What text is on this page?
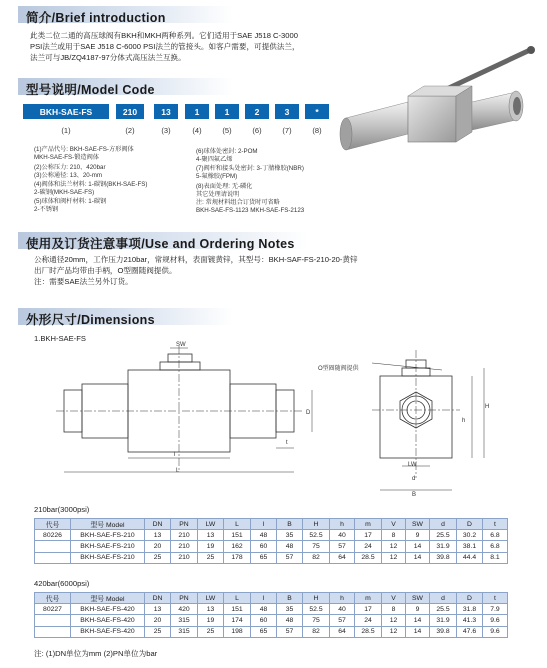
简介/Brief introduction
此类二位二通的高压球阀有BKH和MKH两种系列。它们适用于SAE J518 C-3000
PSI法兰或用于SAE J518 C-6000 PSI法兰的管接头。如客户需要，可提供法兰，
法兰可与JB/ZQ4187-97分体式高压法兰互换。
型号说明/Model Code
BKH-SAE-FS	210	13	1	1	2	3	*
(1)	(2)	(3)	(4)	(5)	(6)	(7)	(8)
(1)产品代号: BKH-SAE-FS-方形阀体
MKH-SAE-FS-锻造阀体
(2)公称压力: 210、420bar
(3)公称通径: 13、20-mm
(4)阀体和法兰材料: 1-碳钢(BKH-SAE-FS)
2-碳钢(MKH-SAE-FS)
(5)球体和阀杆材料: 1-碳钢
2-不锈钢
(6)球体处密封: 2-POM
4-聚四氟乙烯
(7)阀杆和接头处密封: 3-丁腈橡胶(NBR)
5-氟橡胶(FPM)
(8)表面处理: 无-磷化
其它处理请说明
注: 常规材料组合订货时可省略
BKH-SAE-FS-1123 MKH-SAE-FS-2123
使用及订货注意事项/Use and Ordering Notes
公称通径20mm，工作压力210bar，常规材料，表面镀黄锌，其型号：BKH-SAF-FS-210-20-黄锌
出厂时产品均带由手柄，O型圈随阀提供。
注：需要SAE法兰另外订货。
外形尺寸/Dimensions
1.BKH-SAE-FS
SW
D
t
l
L
O型圈随阀提供
h
H
LW
d
B
210bar(3000psi)
代号	型号 Model	DN	PN	LW	L	l	B	H	h	m	V	SW	d	D	t
80226	BKH-SAE-FS-210	13	210	13	151	48	35	52.5	40	17	8	9	25.5	30.2	6.8
	BKH-SAE-FS-210	20	210	19	162	60	48	75	57	24	12	14	31.9	38.1	6.8
	BKH-SAE-FS-210	25	210	25	178	65	57	82	64	28.5	12	14	39.8	44.4	8.1
420bar(6000psi)
代号	型号 Model	DN	PN	LW	L	l	B	H	h	m	V	SW	d	D	t
80227	BKH-SAE-FS-420	13	420	13	151	48	35	52.5	40	17	8	9	25.5	31.8	7.9
	BKH-SAE-FS-420	20	315	19	174	60	48	75	57	24	12	14	31.9	41.3	9.6
	BKH-SAE-FS-420	25	315	25	198	65	57	82	64	28.5	12	14	39.8	47.6	9.6
注: (1)DN单位为mm (2)PN单位为bar
